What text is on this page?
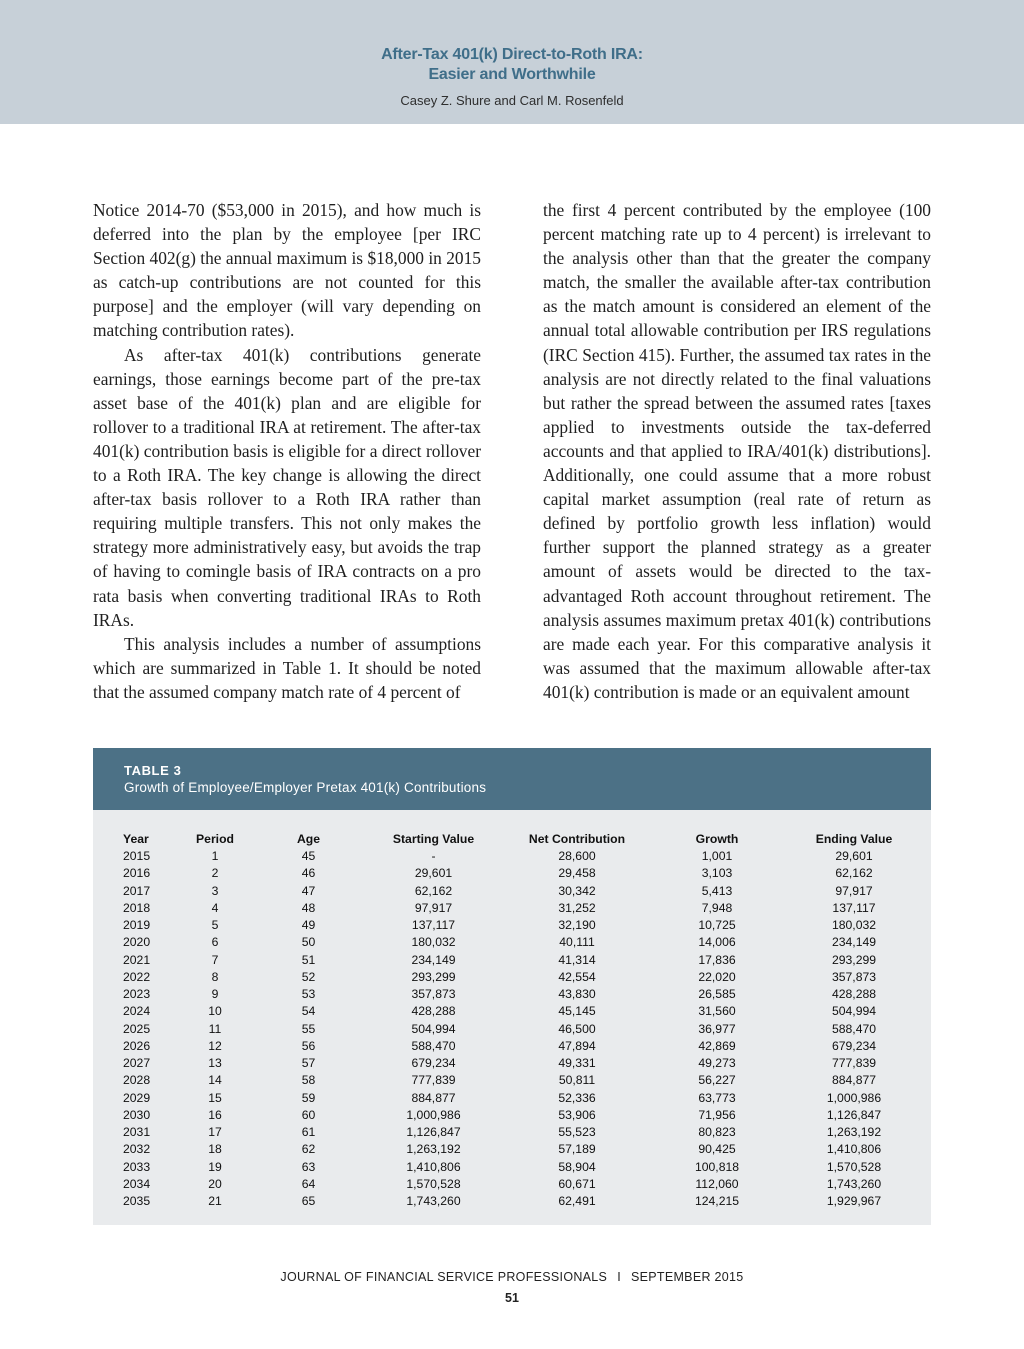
After-Tax 401(k) Direct-to-Roth IRA:
Easier and Worthwhile
Casey Z. Shure and Carl M. Rosenfeld

Notice 2014-70 ($53,000 in 2015), and how much is deferred into the plan by the employee [per IRC Section 402(g) the annual maximum is $18,000 in 2015 as catch-up contributions are not counted for this purpose] and the employer (will vary depending on matching contribution rates).

As after-tax 401(k) contributions generate earnings, those earnings become part of the pre-tax asset base of the 401(k) plan and are eligible for rollover to a traditional IRA at retirement. The after-tax 401(k) contribution basis is eligible for a direct rollover to a Roth IRA. The key change is allowing the direct after-tax basis rollover to a Roth IRA rather than requiring multiple transfers. This not only makes the strategy more administratively easy, but avoids the trap of having to comingle basis of IRA contracts on a pro rata basis when converting traditional IRAs to Roth IRAs.

This analysis includes a number of assumptions which are summarized in Table 1. It should be noted that the assumed company match rate of 4 percent of

the first 4 percent contributed by the employee (100 percent matching rate up to 4 percent) is irrelevant to the analysis other than that the greater the company match, the smaller the available after-tax contribution as the match amount is considered an element of the annual total allowable contribution per IRS regulations (IRC Section 415). Further, the assumed tax rates in the analysis are not directly related to the final valuations but rather the spread between the assumed rates [taxes applied to investments outside the tax-deferred accounts and that applied to IRA/401(k) distributions]. Additionally, one could assume that a more robust capital market assumption (real rate of return as defined by portfolio growth less inflation) would further support the planned strategy as a greater amount of assets would be directed to the tax-advantaged Roth account throughout retirement. The analysis assumes maximum pretax 401(k) contributions are made each year. For this comparative analysis it was assumed that the maximum allowable after-tax 401(k) contribution is made or an equivalent amount

TABLE 3
Growth of Employee/Employer Pretax 401(k) Contributions
Year	Period	Age	Starting Value	Net Contribution	Growth	Ending Value
2015	1	45	-	28,600	1,001	29,601
2016	2	46	29,601	29,458	3,103	62,162
2017	3	47	62,162	30,342	5,413	97,917
2018	4	48	97,917	31,252	7,948	137,117
2019	5	49	137,117	32,190	10,725	180,032
2020	6	50	180,032	40,111	14,006	234,149
2021	7	51	234,149	41,314	17,836	293,299
2022	8	52	293,299	42,554	22,020	357,873
2023	9	53	357,873	43,830	26,585	428,288
2024	10	54	428,288	45,145	31,560	504,994
2025	11	55	504,994	46,500	36,977	588,470
2026	12	56	588,470	47,894	42,869	679,234
2027	13	57	679,234	49,331	49,273	777,839
2028	14	58	777,839	50,811	56,227	884,877
2029	15	59	884,877	52,336	63,773	1,000,986
2030	16	60	1,000,986	53,906	71,956	1,126,847
2031	17	61	1,126,847	55,523	80,823	1,263,192
2032	18	62	1,263,192	57,189	90,425	1,410,806
2033	19	63	1,410,806	58,904	100,818	1,570,528
2034	20	64	1,570,528	60,671	112,060	1,743,260
2035	21	65	1,743,260	62,491	124,215	1,929,967
JOURNAL OF FINANCIAL SERVICE PROFESSIONALS I SEPTEMBER 2015
51
